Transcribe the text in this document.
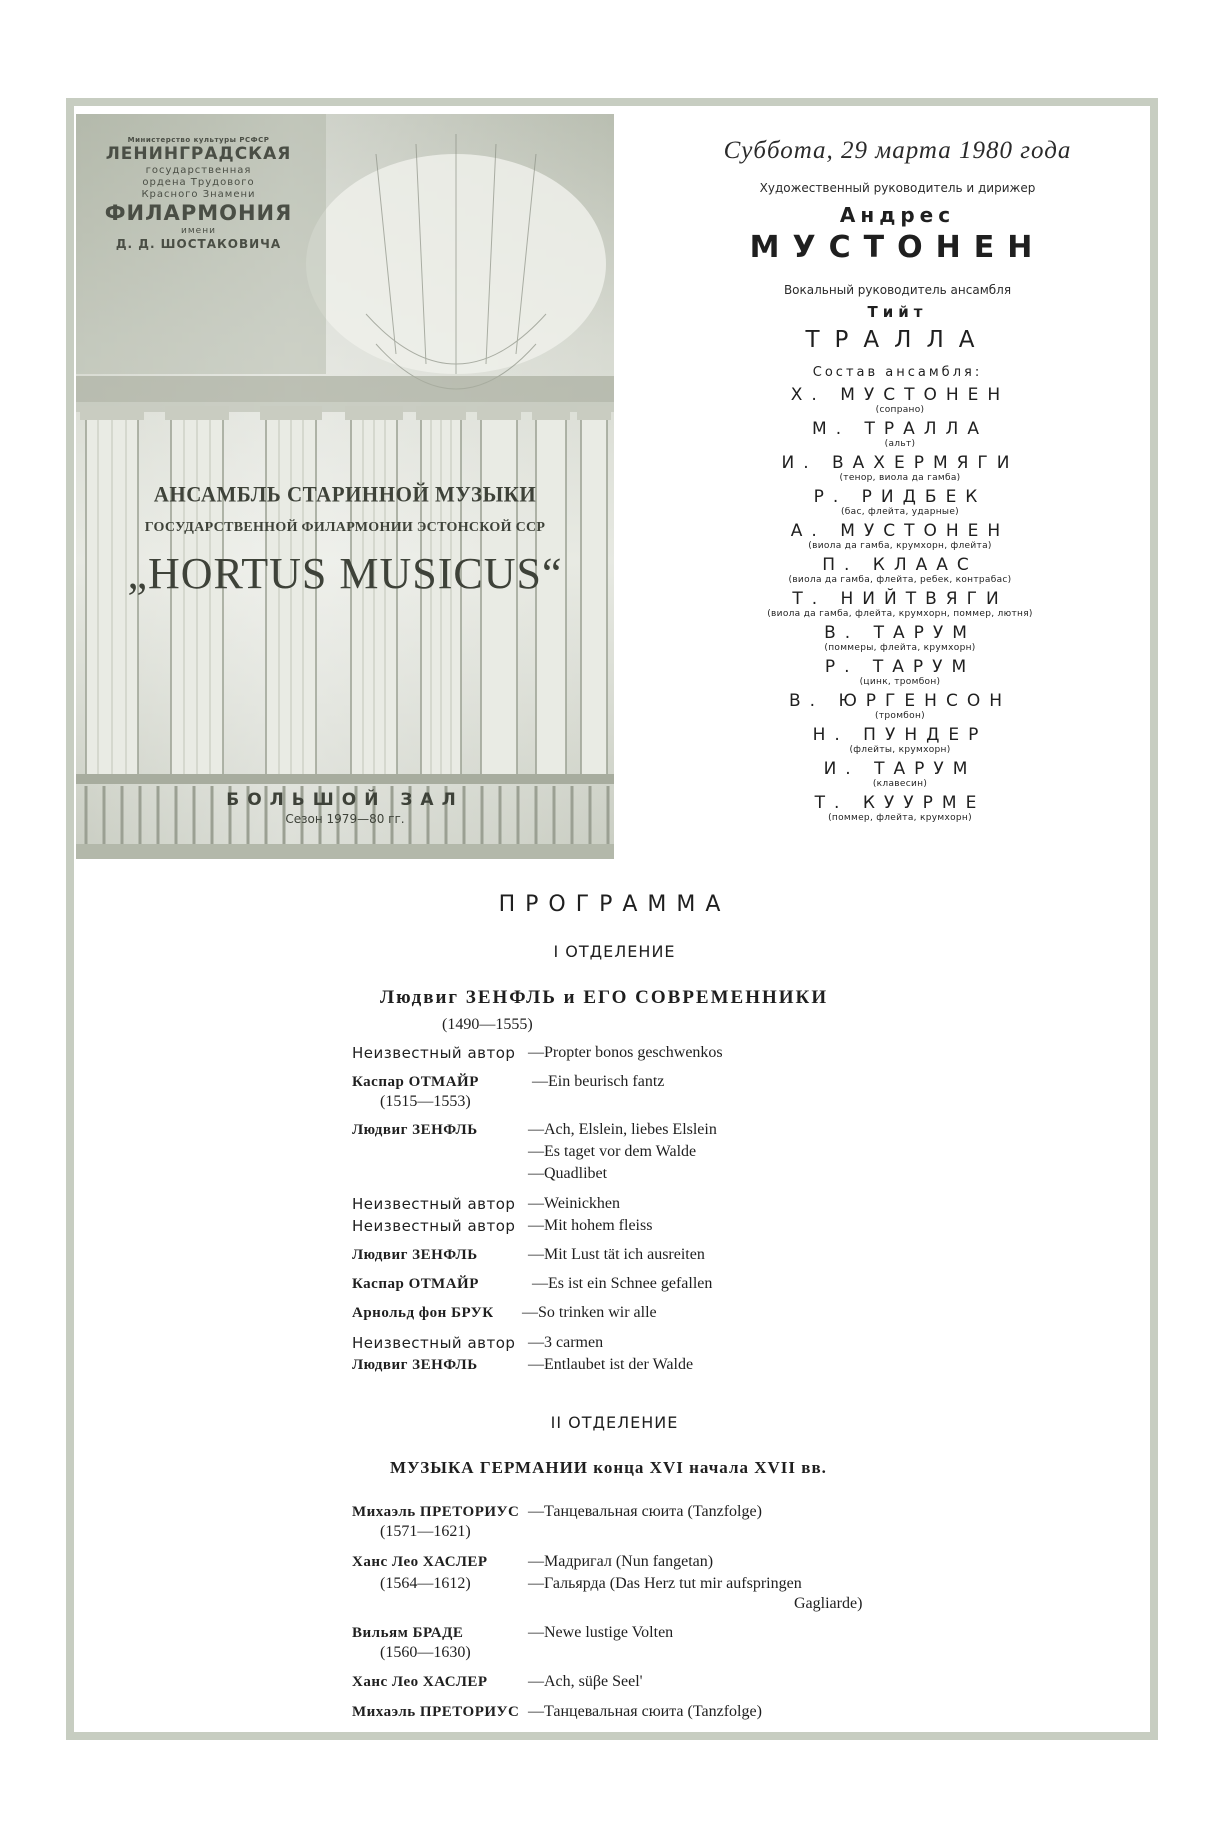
Министерство культуры РСФСР
ЛЕНИНГРАДСКАЯ
государственная
ордена Трудового
Красного Знамени
ФИЛАРМОНИЯ
имени
Д. Д. ШОСТАКОВИЧА
АНСАМБЛЬ СТАРИННОЙ МУЗЫКИ
ГОСУДАРСТВЕННОЙ ФИЛАРМОНИИ ЭСТОНСКОЙ ССР
„HORTUS MUSICUS“
БОЛЬШОЙ ЗАЛ
Сезон 1979—80 гг.
Суббота, 29 марта 1980 года
Художественный руководитель и дирижер
Андрес
МУСТОНЕН
Вокальный руководитель ансамбля
Тийт
ТРАЛЛА
Состав ансамбля:
Х. МУСТОНЕН
(сопрано)
М. ТРАЛЛА
(альт)
И. ВАХЕРМЯГИ
(тенор, виола да гамба)
Р. РИДБЕК
(бас, флейта, ударные)
А. МУСТОНЕН
(виола да гамба, крумхорн, флейта)
П. КЛААС
(виола да гамба, флейта, ребек, контрабас)
Т. НИЙТВЯГИ
(виола да гамба, флейта, крумхорн, поммер, лютня)
В. ТАРУМ
(поммеры, флейта, крумхорн)
Р. ТАРУМ
(цинк, тромбон)
В. ЮРГЕНСОН
(тромбон)
Н. ПУНДЕР
(флейты, крумхорн)
И. ТАРУМ
(клавесин)
Т. КУУРМЕ
(поммер, флейта, крумхорн)
ПРОГРАММА
I ОТДЕЛЕНИЕ
Людвиг ЗЕНФЛЬ и ЕГО СОВРЕМЕННИКИ
(1490—1555)
Неизвестный автор —Propter bonos geschwenkos
Каспар ОТМАЙР	—Ein beurisch fantz
(1515—1553)
Людвиг ЗЕНФЛЬ	—Ach, Elslein, liebes Elslein
—Es taget vor dem Walde
—Quadlibet
Неизвестный автор —Weinickhen
Неизвестный автор —Mit hohem fleiss
Людвиг ЗЕНФЛЬ	—Mit Lust tät ich ausreiten
Каспар ОТМАЙР	—Es ist ein Schnee gefallen
Арнольд фон БРУК —So trinken wir alle
Неизвестный автор —3 carmen
Людвиг ЗЕНФЛЬ	—Entlaubet ist der Walde
II ОТДЕЛЕНИЕ
МУЗЫКА ГЕРМАНИИ конца XVI начала XVII вв.
Михаэль ПРЕТОРИУС —Танцевальная сюита (Tanzfolge)
(1571—1621)
Ханс Лео ХАСЛЕР	—Мадригал (Nun fangetan)
(1564—1612)	—Гальярда (Das Herz tut mir aufspringen
Gagliarde)
Вильям БРАДЕ	—Newe lustige Volten
(1560—1630)
Ханс Лео ХАСЛЕР	—Ach, süβe Seel'
Михаэль ПРЕТОРИУС —Танцевальная сюита (Tanzfolge)
